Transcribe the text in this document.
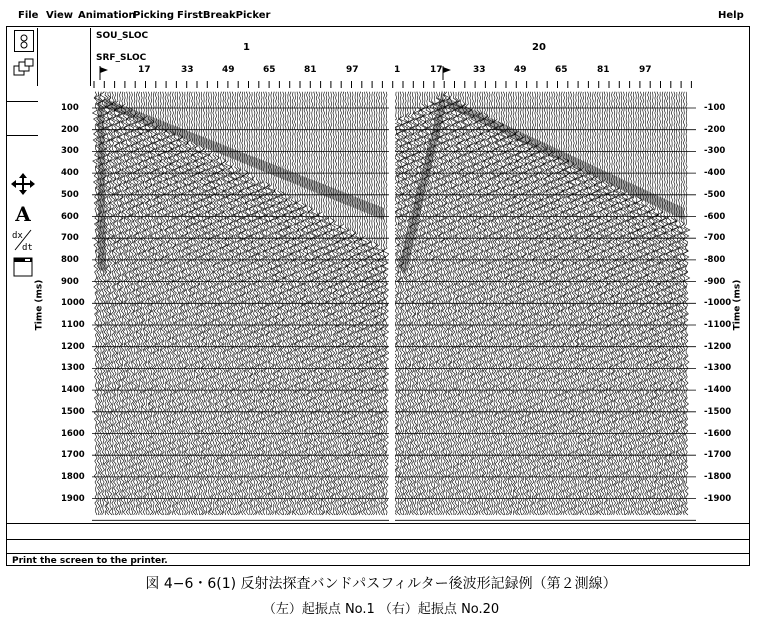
File View Animation
Picking FirstBreakPicker	Help
A
dx
dt
SOU_SLOC
SRF_SLOC
1	20
17	33	49	65	81	97	1	17	33	49	65	81	97
100
200
300
400
500
600
700
800
900
1000
1100
1200
1300
1400
1500
1600
1700
1800
1900
-100
-200
-300
-400
-500
-600
-700
-800
-900
-1000
-1100
-1200
-1300
-1400
-1500
-1600
-1700
-1800
-1900
Time (ms)	Time (ms)
Print the screen to the printer.
図 4−6・6(1) 反射法探査バンドパスフィルター後波形記録例（第２測線）
（左）起振点 No.1 （右）起振点 No.20
